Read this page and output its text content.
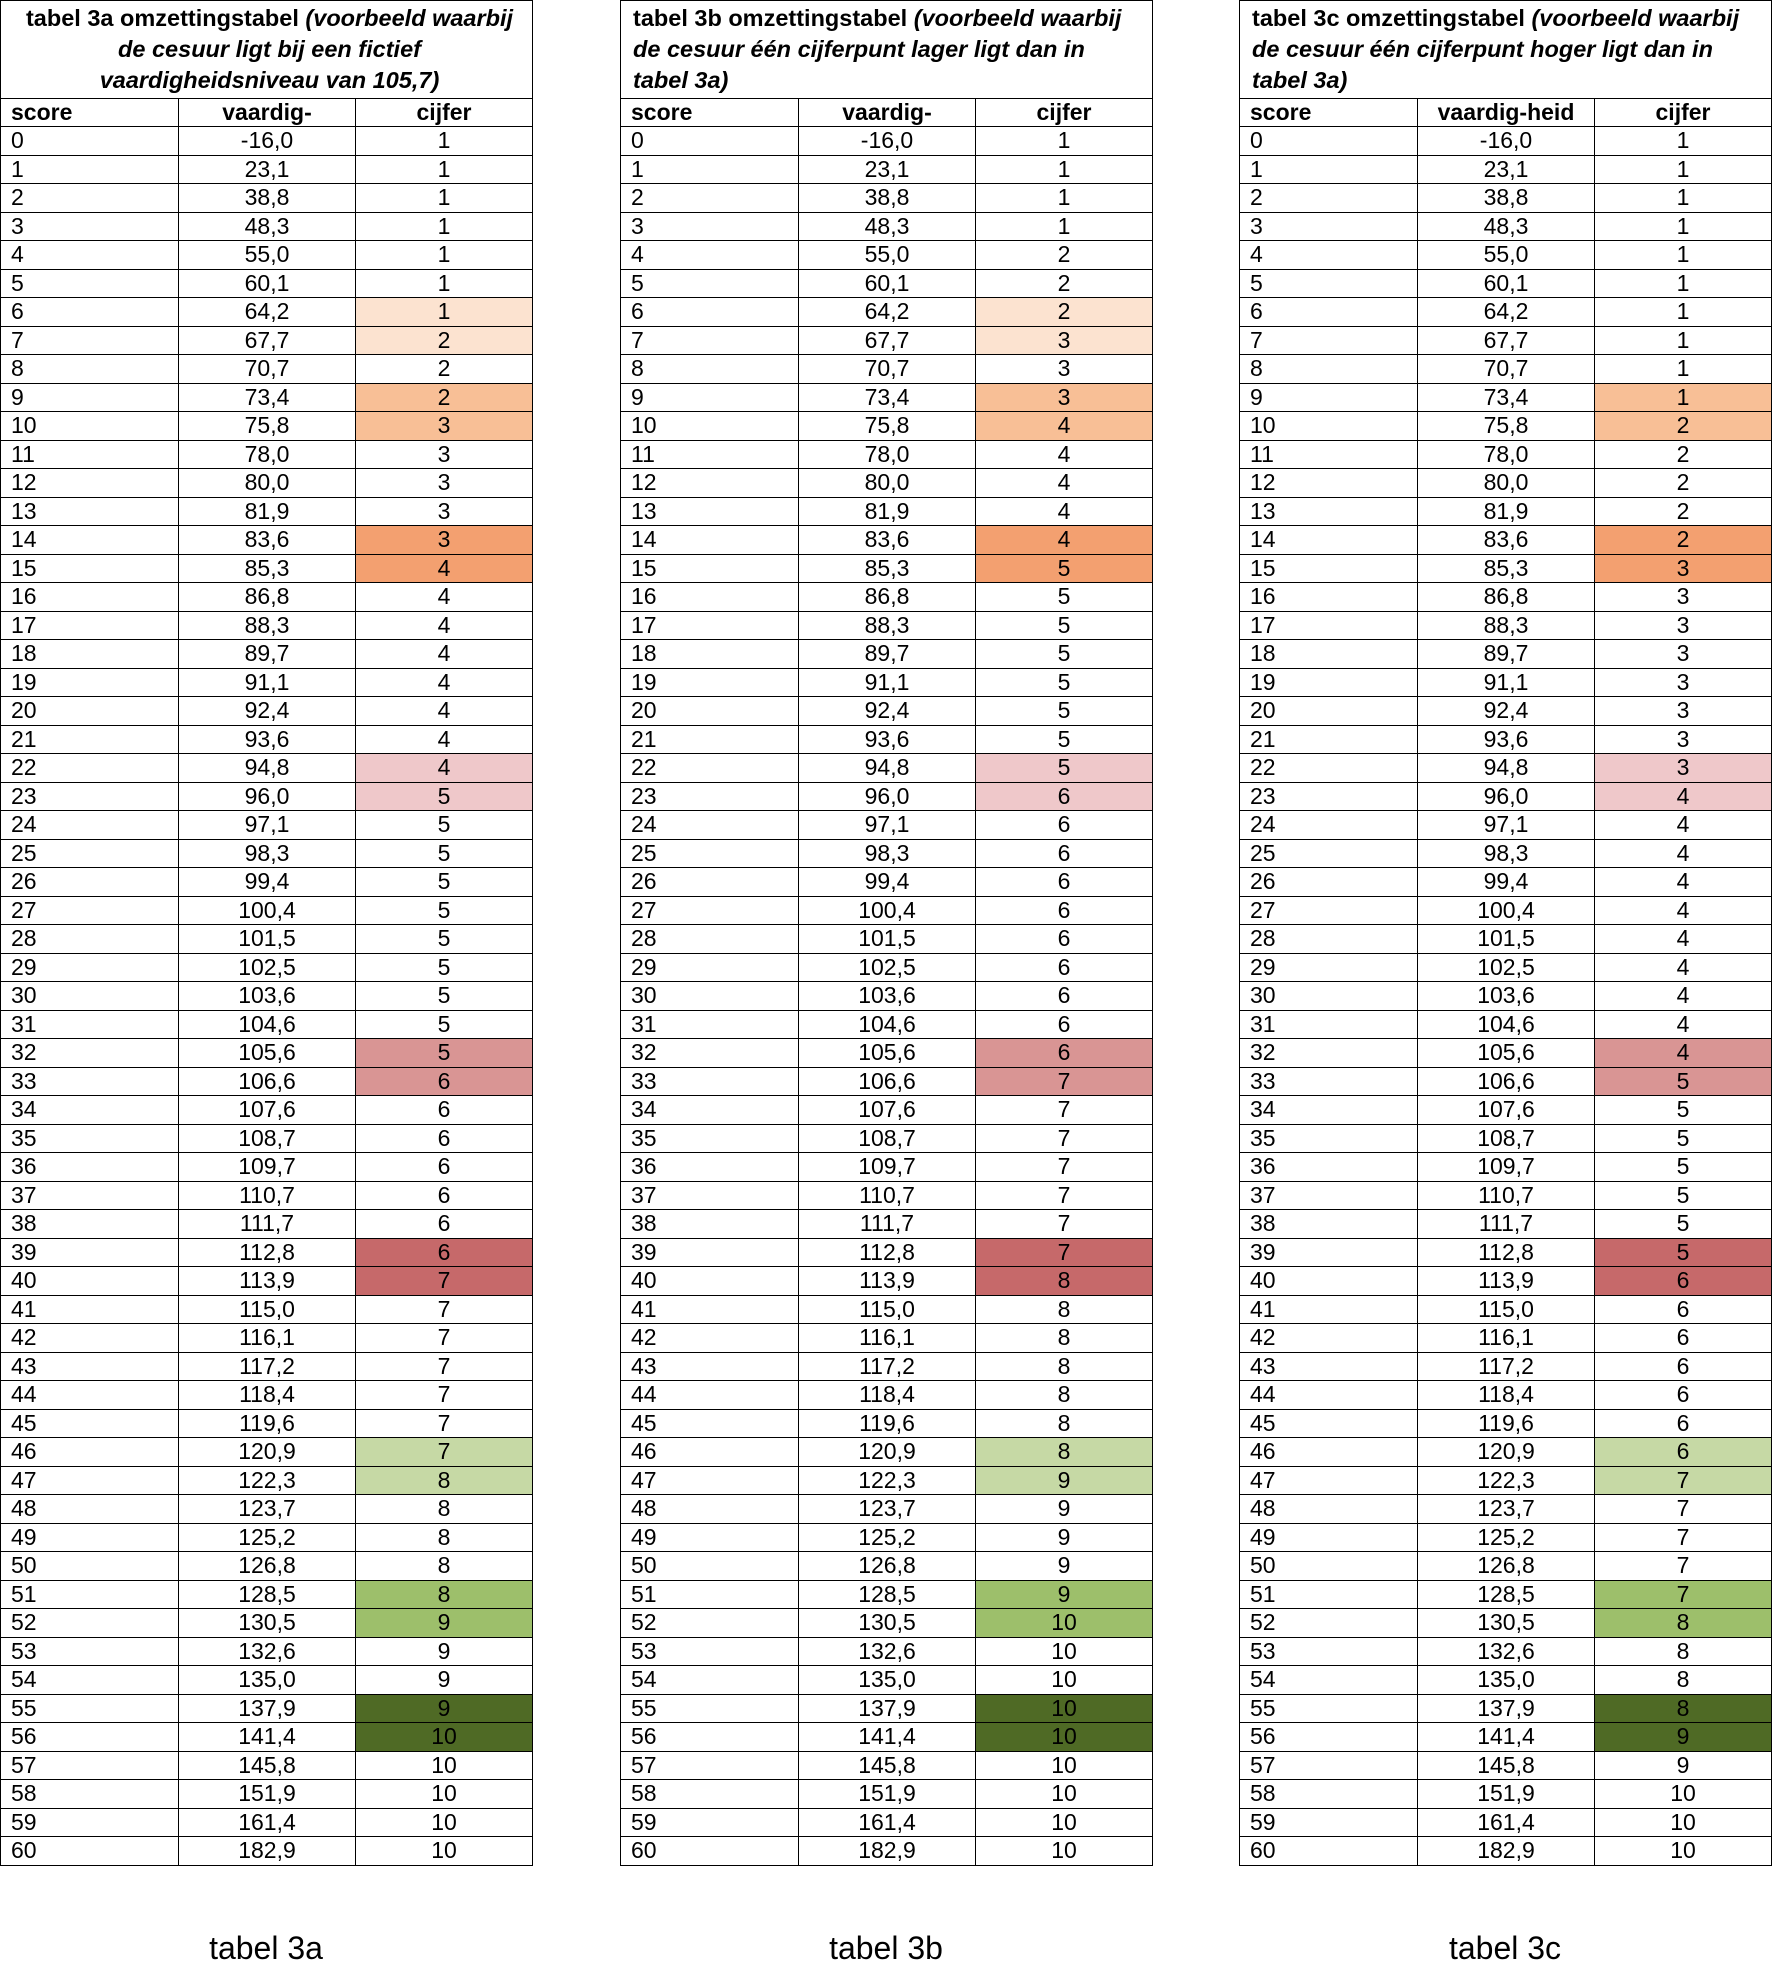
tabel 3a omzettingstabel (voorbeeld waarbij de cesuur ligt bij een fictief vaardigheidsniveau van 105,7)		
score	vaardig-	cijfer
0	-16,0	1
1	23,1	1
2	38,8	1
3	48,3	1
4	55,0	1
5	60,1	1
6	64,2	1
7	67,7	2
8	70,7	2
9	73,4	2
10	75,8	3
11	78,0	3
12	80,0	3
13	81,9	3
14	83,6	3
15	85,3	4
16	86,8	4
17	88,3	4
18	89,7	4
19	91,1	4
20	92,4	4
21	93,6	4
22	94,8	4
23	96,0	5
24	97,1	5
25	98,3	5
26	99,4	5
27	100,4	5
28	101,5	5
29	102,5	5
30	103,6	5
31	104,6	5
32	105,6	5
33	106,6	6
34	107,6	6
35	108,7	6
36	109,7	6
37	110,7	6
38	111,7	6
39	112,8	6
40	113,9	7
41	115,0	7
42	116,1	7
43	117,2	7
44	118,4	7
45	119,6	7
46	120,9	7
47	122,3	8
48	123,7	8
49	125,2	8
50	126,8	8
51	128,5	8
52	130,5	9
53	132,6	9
54	135,0	9
55	137,9	9
56	141,4	10
57	145,8	10
58	151,9	10
59	161,4	10
60	182,9	10
tabel 3b omzettingstabel (voorbeeld waarbij de cesuur één cijferpunt lager ligt dan in tabel 3a)		
score	vaardig-	cijfer
0	-16,0	1
1	23,1	1
2	38,8	1
3	48,3	1
4	55,0	2
5	60,1	2
6	64,2	2
7	67,7	3
8	70,7	3
9	73,4	3
10	75,8	4
11	78,0	4
12	80,0	4
13	81,9	4
14	83,6	4
15	85,3	5
16	86,8	5
17	88,3	5
18	89,7	5
19	91,1	5
20	92,4	5
21	93,6	5
22	94,8	5
23	96,0	6
24	97,1	6
25	98,3	6
26	99,4	6
27	100,4	6
28	101,5	6
29	102,5	6
30	103,6	6
31	104,6	6
32	105,6	6
33	106,6	7
34	107,6	7
35	108,7	7
36	109,7	7
37	110,7	7
38	111,7	7
39	112,8	7
40	113,9	8
41	115,0	8
42	116,1	8
43	117,2	8
44	118,4	8
45	119,6	8
46	120,9	8
47	122,3	9
48	123,7	9
49	125,2	9
50	126,8	9
51	128,5	9
52	130,5	10
53	132,6	10
54	135,0	10
55	137,9	10
56	141,4	10
57	145,8	10
58	151,9	10
59	161,4	10
60	182,9	10
tabel 3c omzettingstabel (voorbeeld waarbij de cesuur één cijferpunt hoger ligt dan in tabel 3a)		
score	vaardig-heid	cijfer
0	-16,0	1
1	23,1	1
2	38,8	1
3	48,3	1
4	55,0	1
5	60,1	1
6	64,2	1
7	67,7	1
8	70,7	1
9	73,4	1
10	75,8	2
11	78,0	2
12	80,0	2
13	81,9	2
14	83,6	2
15	85,3	3
16	86,8	3
17	88,3	3
18	89,7	3
19	91,1	3
20	92,4	3
21	93,6	3
22	94,8	3
23	96,0	4
24	97,1	4
25	98,3	4
26	99,4	4
27	100,4	4
28	101,5	4
29	102,5	4
30	103,6	4
31	104,6	4
32	105,6	4
33	106,6	5
34	107,6	5
35	108,7	5
36	109,7	5
37	110,7	5
38	111,7	5
39	112,8	5
40	113,9	6
41	115,0	6
42	116,1	6
43	117,2	6
44	118,4	6
45	119,6	6
46	120,9	6
47	122,3	7
48	123,7	7
49	125,2	7
50	126,8	7
51	128,5	7
52	130,5	8
53	132,6	8
54	135,0	8
55	137,9	8
56	141,4	9
57	145,8	9
58	151,9	10
59	161,4	10
60	182,9	10
tabel 3a	tabel 3b	tabel 3c
